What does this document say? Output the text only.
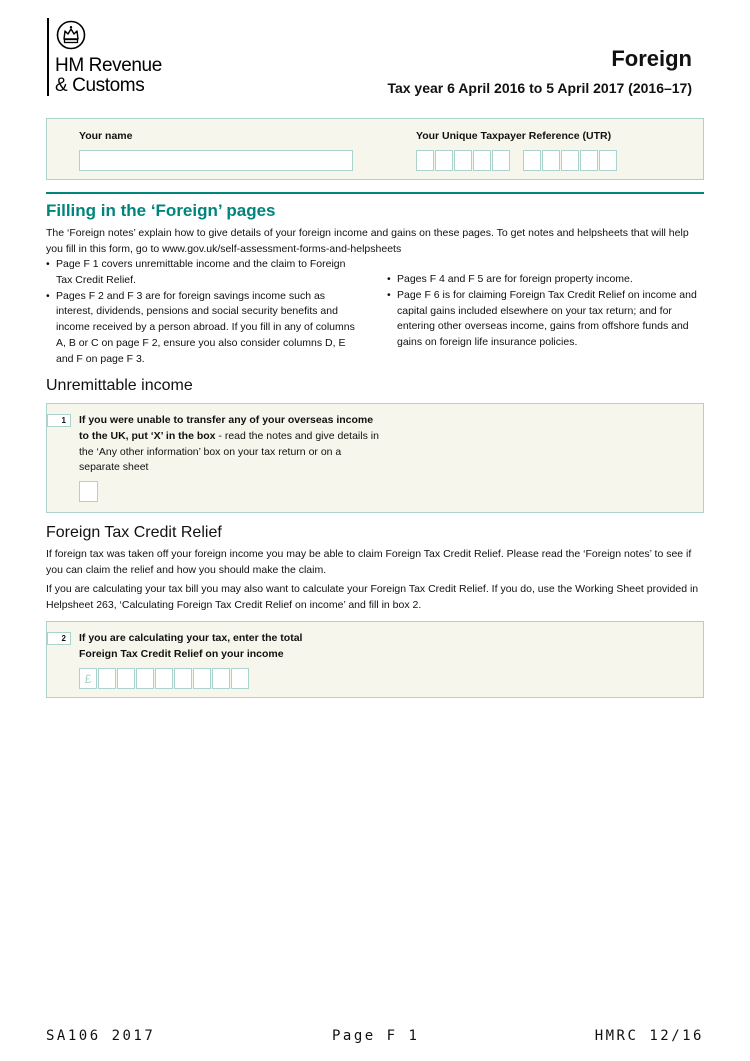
HM Revenue
& Customs
Foreign
Tax year 6 April 2016 to 5 April 2017 (2016–17)
Your name	Your Unique Taxpayer Reference (UTR)
Filling in the ‘Foreign’ pages
The ‘Foreign notes’ explain how to give details of your foreign income and gains on these pages. To get notes and helpsheets that will help you fill in this form, go to www.gov.uk/self-assessment-forms-and-helpsheets
• Page F 1 covers unremittable income and the claim to Foreign Tax Credit Relief.
• Pages F 2 and F 3 are for foreign savings income such as interest, dividends, pensions and social security benefits and income received by a person abroad. If you fill in any of columns A, B or C on page F 2, ensure you also consider columns D, E and F on page F 3.
• Pages F 4 and F 5 are for foreign property income.
• Page F 6 is for claiming Foreign Tax Credit Relief on income and capital gains included elsewhere on your tax return; and for entering other overseas income, gains from offshore funds and gains on foreign life insurance policies.
Unremittable income
1	If you were unable to transfer any of your overseas income to the UK, put ‘X’ in the box - read the notes and give details in the ‘Any other information’ box on your tax return or on a separate sheet
Foreign Tax Credit Relief
If foreign tax was taken off your foreign income you may be able to claim Foreign Tax Credit Relief. Please read the ‘Foreign notes’ to see if you can claim the relief and how you should make the claim.
If you are calculating your tax bill you may also want to calculate your Foreign Tax Credit Relief. If you do, use the Working Sheet provided in Helpsheet 263, ‘Calculating Foreign Tax Credit Relief on income’ and fill in box 2.
2	If you are calculating your tax, enter the total Foreign Tax Credit Relief on your income
£
SA106 2017	Page F 1	HMRC 12/16
